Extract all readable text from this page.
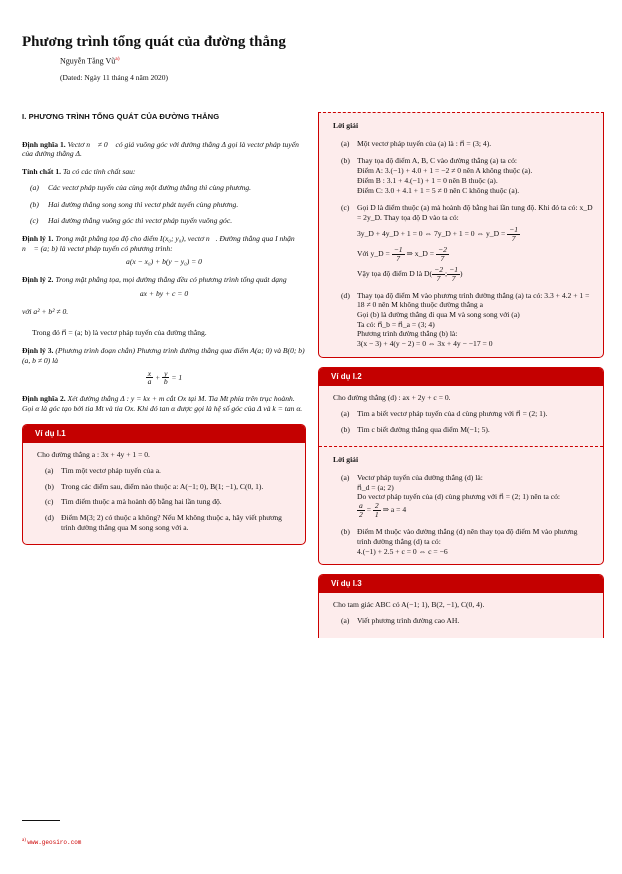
Phương trình tổng quát của đường thẳng
Nguyễn Tăng $Vũ^{a)}$
(Dated: Ngày 11 tháng 4 năm 2020)
I. PHƯƠNG TRÌNH TỔNG QUÁT CỦA ĐƯỜNG THẲNG
Định nghĩa 1. Vectơ n⃗ ≠ 0⃗ có giá vuông góc với đường thẳng Δ gọi là vectơ pháp tuyến của đường thẳng Δ.
Tính chất 1. Ta có các tính chất sau:
(a)	Các vectơ pháp tuyến của cùng một đường thẳng thì cùng phương.
(b)	Hai đường thẳng song song thì vectơ phát tuyến cùng phương.
(c)	Hai đường thẳng vuông góc thì vectơ pháp tuyến vuông góc.
Định lý 1. Trong mặt phẳng tọa độ cho điểm I(x₀; y₀), vectơ n⃗. Đường thẳng qua I nhận n⃗ = (a; b) là vectơ pháp tuyến có phương trình:
a(x − x₀) + b(y − y₀) = 0
Định lý 2. Trong mặt phẳng tọa, mọi đường thẳng đều có phương trình tổng quát dạng
ax + by + c = 0
với a² + b² ≠ 0.
Trong đó n⃗ = (a; b) là vectơ pháp tuyến của đường thẳng.
Định lý 3. (Phương trình đoạn chắn) Phương trình đường thẳng qua điểm A(a; 0) và B(0; b) (a, b ≠ 0) là
$\frac{x}{a} + \frac{y}{b} = 1$
Định nghĩa 2. Xét đường thẳng Δ : y = kx + m cắt Ox tại M. Tia Mt phía trên trục hoành. Gọi α là góc tạo bởi tia Mt và tia Ox. Khi đó tan α được gọi là hệ số góc của Δ và k = tan α.
Ví dụ I.1
Cho đường thẳng a : 3x + 4y + 1 = 0.
(a) Tìm một vectơ pháp tuyến của a.
(b) Trong các điểm sau, điểm nào thuộc a: A(−1; 0), B(1; −1), C(0, 1).
(c) Tìm điểm thuộc a mà hoành độ bằng hai lần tung độ.
(d) Điểm M(3; 2) có thuộc a không? Nếu M không thuộc a, hãy viết phương trình đường thẳng qua M song song với a.
$^{a)}$ www.geosiro.com
Lời giải
(a) Một vectơ pháp tuyến của (a) là : n⃗ = (3; 4).
(b) Thay tọa độ điểm A, B, C vào đường thẳng (a) ta có:
Điểm A: 3.(−1) + 4.0 + 1 = −2 ≠ 0 nên A không thuộc (a).
Điểm B : 3.1 + 4.(−1) + 1 = 0 nên B thuộc (a).
Điểm C: 3.0 + 4.1 + 1 = 5 ≠ 0 nên C không thuộc (a).
(c) Gọi D là điểm thuộc (a) mà hoành độ bằng hai lần tung độ. Khi đó ta có: x_D = 2y_D. Thay tọa độ D vào ta có:
3y_D + 4y_D + 1 = 0 ⇔ 7y_D + 1 = 0 ⇔ y_D = $\frac{-1}{7}$
Với y_D = $\frac{-1}{7}$ ⇒ x_D = $\frac{-2}{7}$
Vậy tọa độ điểm D là $D( \frac{-2}{7}$ ; $\frac{-1}{7}$ )
(d) Thay tọa độ điểm M vào phương trình đường thẳng (a) ta có: 3.3 + 4.2 + 1 = 18 ≠ 0 nên M không thuộc đường thẳng a
Gọi (b) là đường thẳng đi qua M và song song với (a)
Ta có: n⃗_b = n⃗_a = (3; 4)
Phương trình đường thẳng (b) là:
3(x − 3) + 4(y − 2) = 0 ⇔ 3x + 4y − −17 = 0
Ví dụ I.2
Cho đường thẳng (d) : ax + 2y + c = 0.
(a) Tìm a biết vectơ pháp tuyến của d cùng phương với n⃗ = (2; 1).
(b) Tìm c biết đường thẳng qua điểm M(−1; 5).
Lời giải
(a) Vectơ pháp tuyến của đường thẳng (d) là:
n⃗_d = (a; 2)
Do vectơ pháp tuyến của (d) cùng phương với n⃗ = (2; 1) nên ta có:
$\frac{a}{2} = \frac{2}{1}$ ⇒ a = 4
(b) Điểm M thuộc vào đường thẳng (d) nên thay tọa độ điểm M vào phương trình đường thẳng (d) ta có:
4.(−1) + 2.5 + c = 0 ⇔ c = −6
Ví dụ I.3
Cho tam giác ABC có A(−1; 1), B(2, −1), C(0, 4).
(a) Viết phương trình đường cao AH.
